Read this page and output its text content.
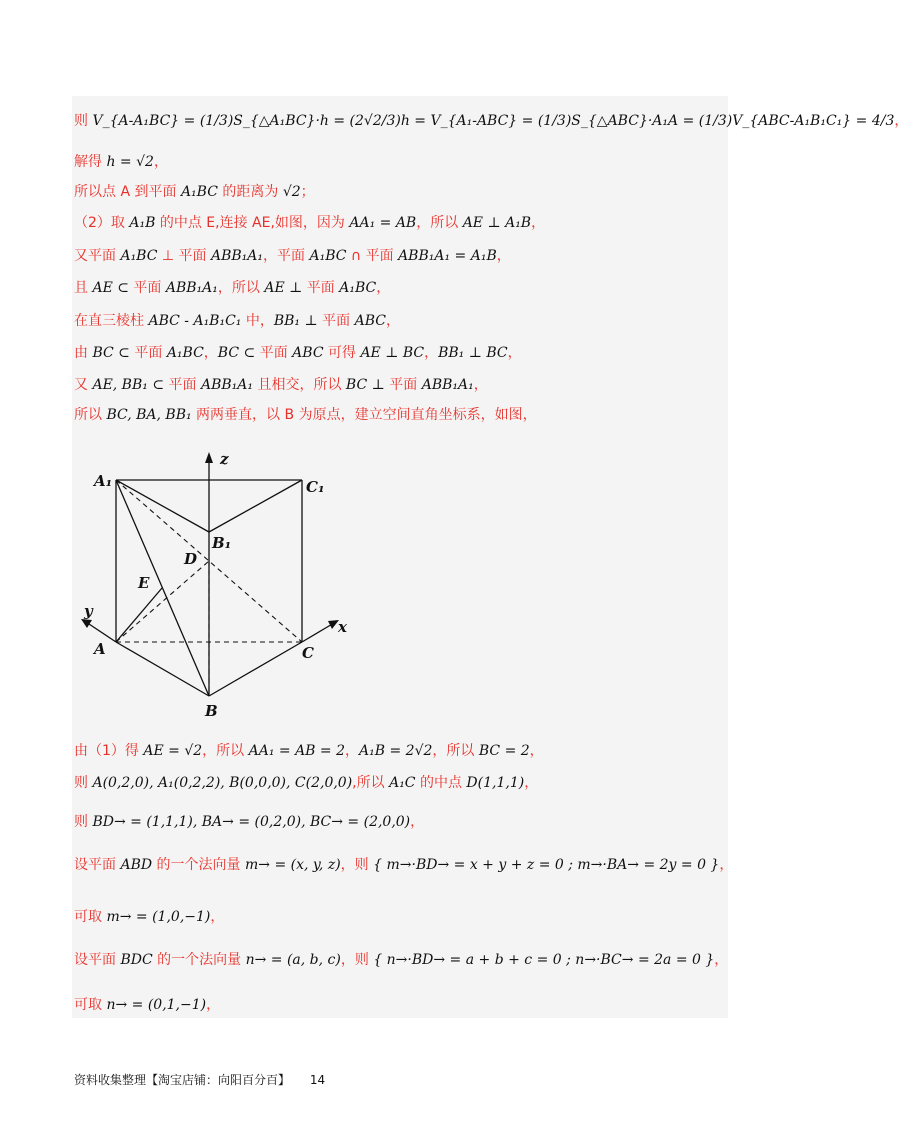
则 V_{A-A₁BC} = (1/3)S_{△A₁BC}·h = (2√2/3)h = V_{A₁-ABC} = (1/3)S_{△ABC}·A₁A = (1/3)V_{ABC-A₁B₁C₁} = 4/3，
解得 h = √2，
所以点 A 到平面 A₁BC 的距离为 √2；
（2）取 A₁B 的中点 E,连接 AE,如图，因为 AA₁ = AB，所以 AE ⊥ A₁B，
又平面 A₁BC ⊥ 平面 ABB₁A₁，平面 A₁BC ∩ 平面 ABB₁A₁ = A₁B，
且 AE ⊂ 平面 ABB₁A₁，所以 AE ⊥ 平面 A₁BC，
在直三棱柱 ABC - A₁B₁C₁ 中，BB₁ ⊥ 平面 ABC，
由 BC ⊂ 平面 A₁BC，BC ⊂ 平面 ABC 可得 AE ⊥ BC，BB₁ ⊥ BC，
又 AE, BB₁ ⊂ 平面 ABB₁A₁ 且相交，所以 BC ⊥ 平面 ABB₁A₁，
所以 BC, BA, BB₁ 两两垂直，以 B 为原点，建立空间直角坐标系，如图，
由（1）得 AE = √2，所以 AA₁ = AB = 2，A₁B = 2√2，所以 BC = 2，
则 A(0,2,0), A₁(0,2,2), B(0,0,0), C(2,0,0),所以 A₁C 的中点 D(1,1,1)，
则 BD→ = (1,1,1), BA→ = (0,2,0), BC→ = (2,0,0)，
设平面 ABD 的一个法向量 m→ = (x, y, z)，则 { m→·BD→ = x + y + z = 0 ; m→·BA→ = 2y = 0 }，
可取 m→ = (1,0,−1)，
设平面 BDC 的一个法向量 n→ = (a, b, c)，则 { n→·BD→ = a + b + c = 0 ; n→·BC→ = 2a = 0 }，
可取 n→ = (0,1,−1)，
A₁	C₁
B₁
D
E
A
B
C
x
y
z
资料收集整理【淘宝店铺：向阳百分百】 14
